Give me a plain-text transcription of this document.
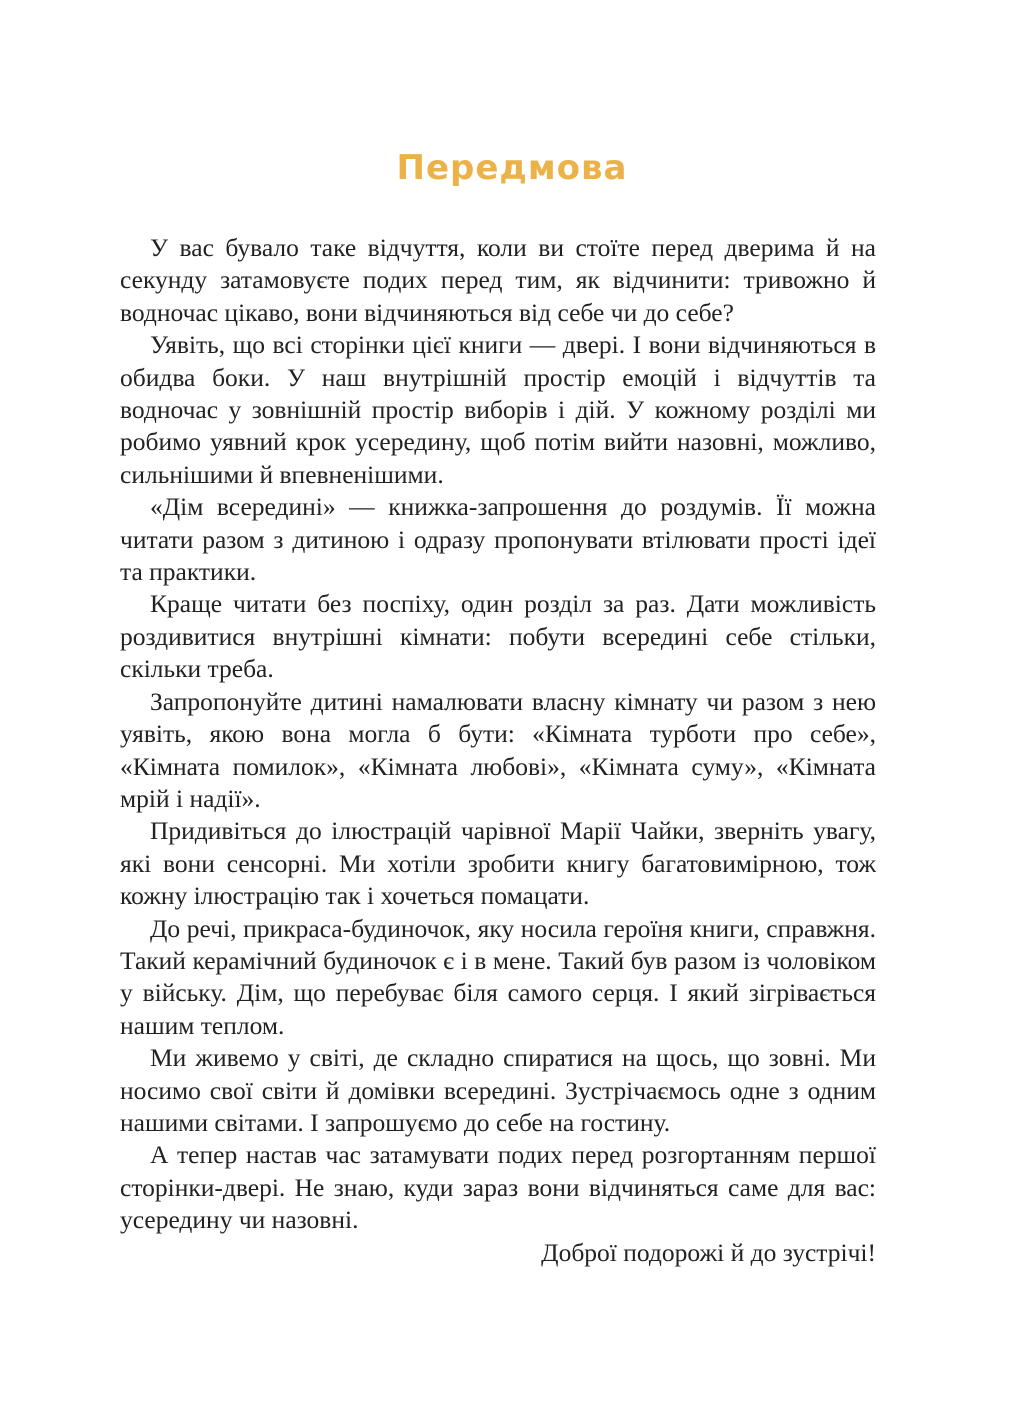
Передмова

У вас бувало таке відчуття, коли ви стоїте перед дверима й на секунду затамовуєте подих перед тим, як відчинити: тривожно й водночас цікаво, вони відчиняються від себе чи до себе?

Уявіть, що всі сторінки цієї книги — двері. І вони відчиняються в обидва боки. У наш внутрішній простір емоцій і відчуттів та водночас у зовнішній простір виборів і дій. У кожному розділі ми робимо уявний крок усередину, щоб потім вийти назовні, можливо, сильнішими й впевненішими.

«Дім всередині» — книжка-запрошення до роздумів. Її можна читати разом з дитиною і одразу пропонувати втілювати прості ідеї та практики.

Краще читати без поспіху, один розділ за раз. Дати можливість роздивитися внутрішні кімнати: побути всередині себе стільки, скільки треба.

Запропонуйте дитині намалювати власну кімнату чи разом з нею уявіть, якою вона могла б бути: «Кімната турботи про себе», «Кімната помилок», «Кімната любові», «Кімната суму», «Кімната мрій і надії».

Придивіться до ілюстрацій чарівної Марії Чайки, зверніть увагу, які вони сенсорні. Ми хотіли зробити книгу багатовимірною, тож кожну ілюстрацію так і хочеться помацати.

До речі, прикраса-будиночок, яку носила героїня книги, справжня. Такий керамічний будиночок є і в мене. Такий був разом із чоловіком у війську. Дім, що перебуває біля самого серця. І який зігрівається нашим теплом.

Ми живемо у світі, де складно спиратися на щось, що зовні. Ми носимо свої світи й домівки всередині. Зустрічаємось одне з одним нашими світами. І запрошуємо до себе на гостину.

А тепер настав час затамувати подих перед розгортанням першої сторінки-двері. Не знаю, куди зараз вони відчиняться саме для вас: усередину чи назовні.

Доброї подорожі й до зустрічі!
